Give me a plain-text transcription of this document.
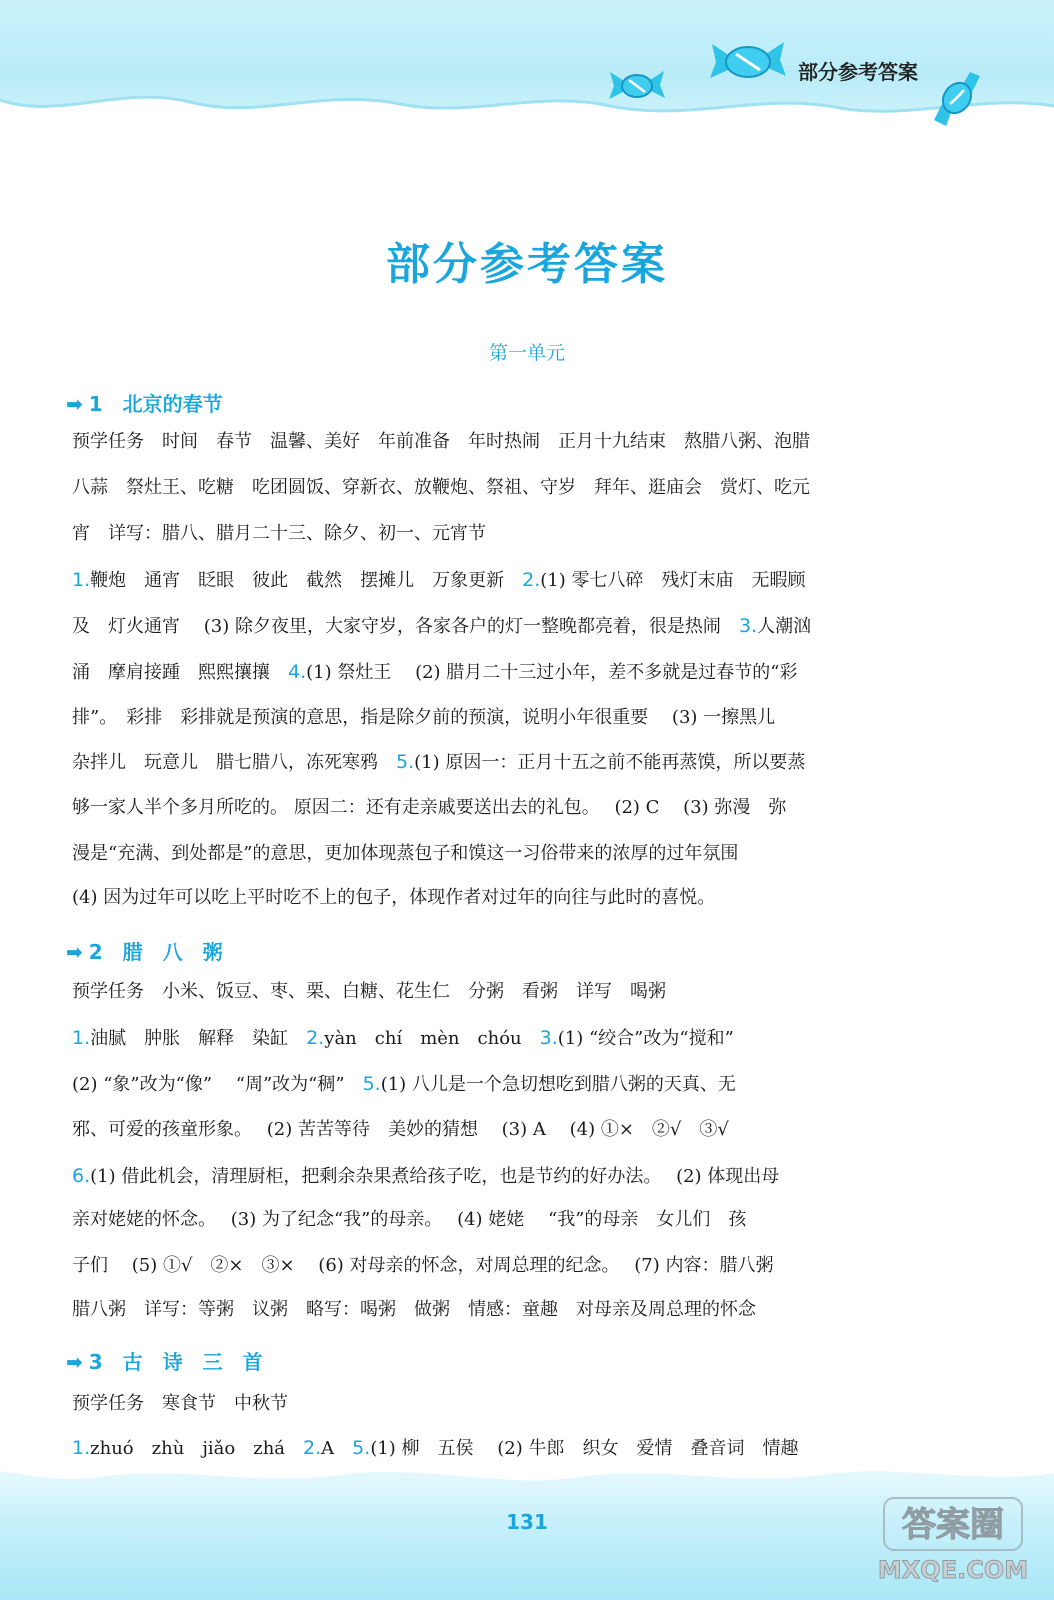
部分参考答案
部分参考答案
第一单元
➡ 1　北京的春节
➡ 2　腊　八　粥
➡ 3　古　诗　三　首
预学任务　时间　春节　温馨、美好　年前准备　年时热闹　正月十九结束　熬腊八粥、泡腊
八蒜　祭灶王、吃糖　吃团圆饭、穿新衣、放鞭炮、祭祖、守岁　拜年、逛庙会　赏灯、吃元
宵　详写：腊八、腊月二十三、除夕、初一、元宵节
1.鞭炮　通宵　眨眼　彼此　截然　摆摊儿　万象更新 2.(1) 零七八碎　残灯末庙　无暇顾
及　灯火通宵　 (3) 除夕夜里，大家守岁，各家各户的灯一整晚都亮着，很是热闹 3.人潮汹
涌　摩肩接踵　熙熙攘攘 4.(1) 祭灶王　 (2) 腊月二十三过小年，差不多就是过春节的“彩
排”。　彩排　彩排就是预演的意思，指是除夕前的预演，说明小年很重要　 (3) 一擦黑儿
杂拌儿　玩意儿　腊七腊八，冻死寒鸦 5.(1) 原因一：正月十五之前不能再蒸馍，所以要蒸
够一家人半个多月所吃的。 原因二：还有走亲戚要送出去的礼包。　 (2) C　 (3) 弥漫　弥
漫是“充满、到处都是”的意思，更加体现蒸包子和馍这一习俗带来的浓厚的过年氛围
(4) 因为过年可以吃上平时吃不上的包子，体现作者对过年的向往与此时的喜悦。
预学任务　小米、饭豆、枣、栗、白糖、花生仁　分粥　看粥　详写　喝粥
1.油腻　肿胀　解释　染缸 2.yàn　chí　mèn　chóu 3.(1) “绞合”改为“搅和”
(2) “象”改为“像”　 “周”改为“稠” 5.(1) 八儿是一个急切想吃到腊八粥的天真、无
邪、可爱的孩童形象。　 (2) 苦苦等待　美妙的猜想　 (3) A　 (4) ①×　②√　③√
6.(1) 借此机会，清理厨柜，把剩余杂果煮给孩子吃，也是节约的好办法。　 (2) 体现出母
亲对姥姥的怀念。　 (3) 为了纪念“我”的母亲。　 (4) 姥姥　 “我”的母亲　女儿们　孩
子们　 (5) ①√　②×　③×　 (6) 对母亲的怀念，对周总理的纪念。　 (7) 内容：腊八粥
腊八粥　详写：等粥　议粥　略写：喝粥　做粥　情感：童趣　对母亲及周总理的怀念
预学任务　寒食节　中秋节
1.zhuó　zhù　jiǎo　zhá 2.A 5.(1) 柳　五侯　 (2) 牛郎　织女　爱情　叠音词　情趣
131	答案圈
MXQE.COM
